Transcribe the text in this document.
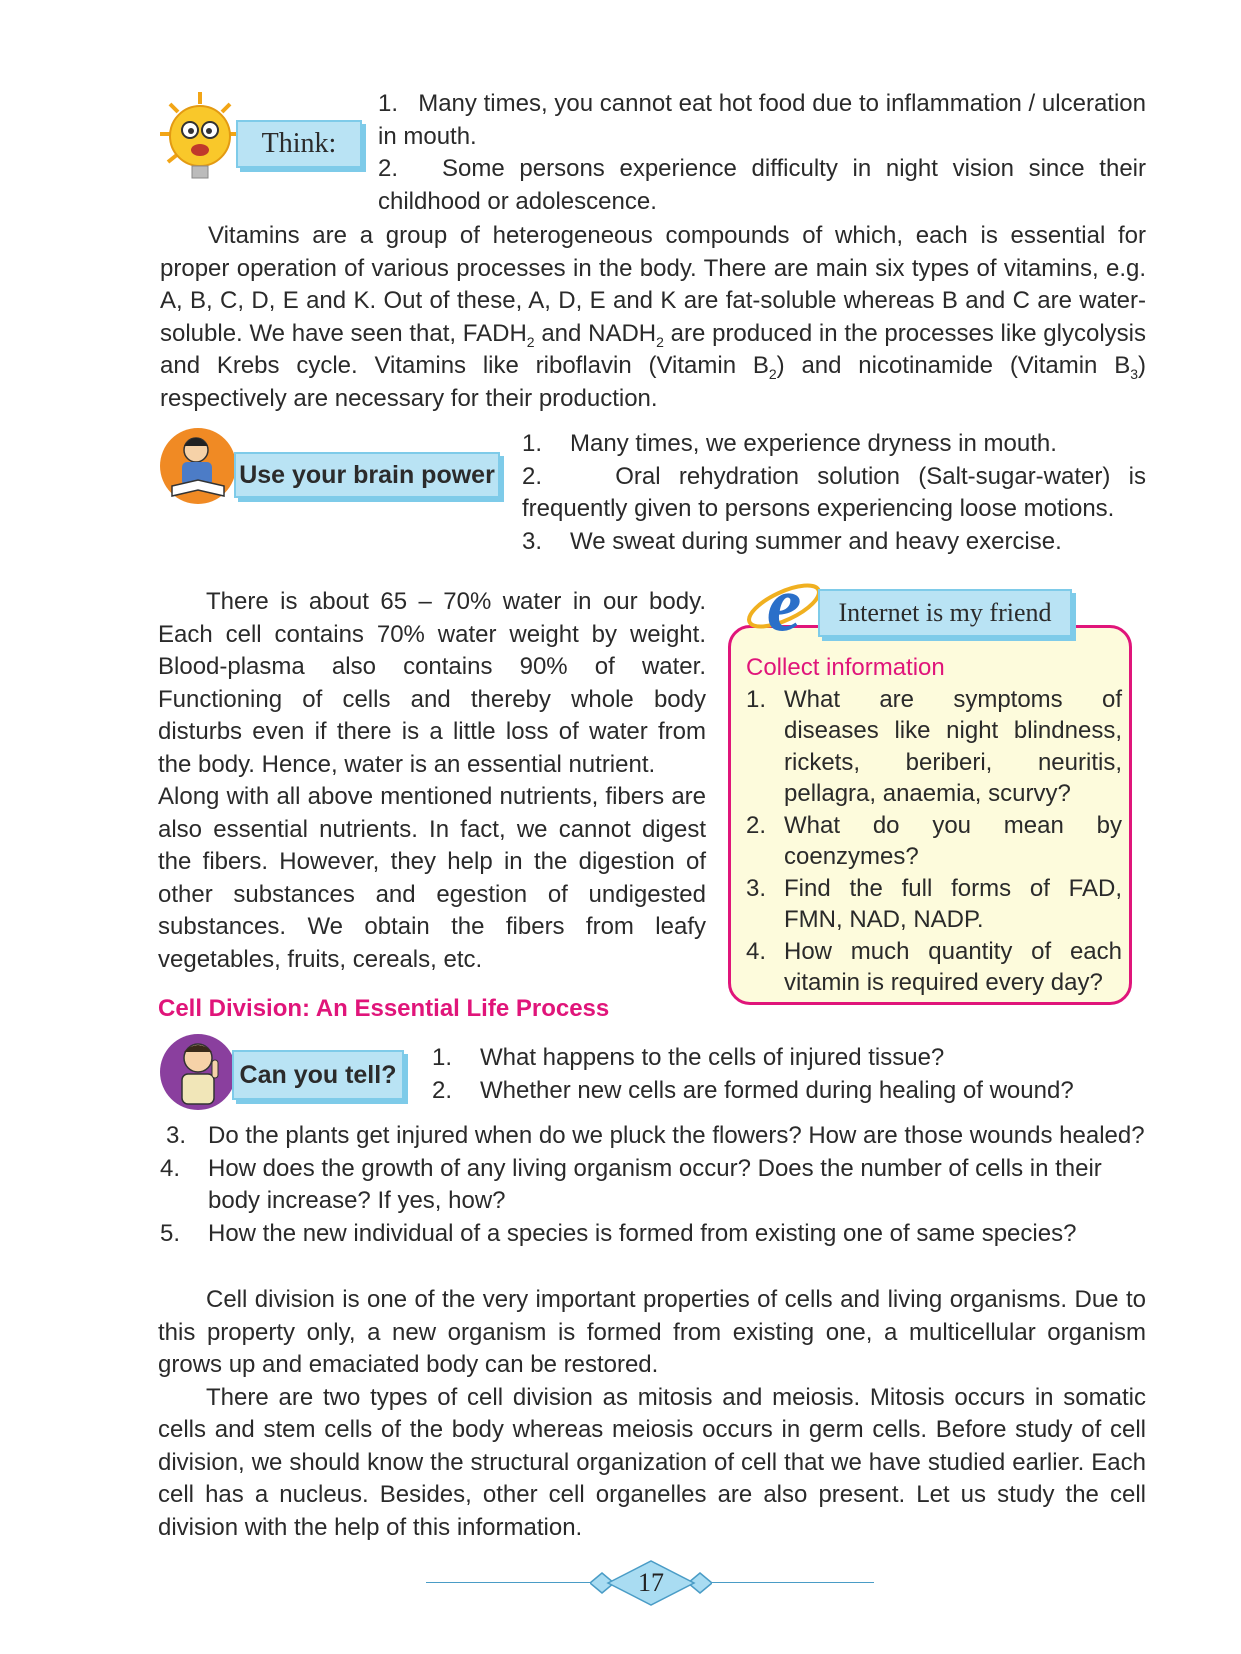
Think:

1. Many times, you cannot eat hot food due to inflammation / ulceration in mouth.

2. Some persons experience difficulty in night vision since their childhood or adolescence.

Vitamins are a group of heterogeneous compounds of which, each is essential for proper operation of various processes in the body. There are main six types of vitamins, e.g. A, B, C, D, E and K. Out of these, A, D, E and K are fat-soluble whereas B and C are water-soluble. We have seen that, $FADH_2$ and $NADH_2$ are produced in the processes like glycolysis and Krebs cycle. Vitamins like riboflavin (Vitamin $B_2$) and nicotinamide (Vitamin $B_3$) respectively are necessary for their production.

Use your brain power
1.	Many times, we experience dryness in mouth.

2.	Oral rehydration solution (Salt-sugar-water) is frequently given to persons experiencing loose motions.

3.	We sweat during summer and heavy exercise.

There is about 65 – 70% water in our body. Each cell contains 70% water weight by weight. Blood-plasma also contains 90% of water. Functioning of cells and thereby whole body disturbs even if there is a little loss of water from the body. Hence, water is an essential nutrient.

Along with all above mentioned nutrients, fibers are also essential nutrients. In fact, we cannot digest the fibers. However, they help in the digestion of other substances and egestion of undigested substances. We obtain the fibers from leafy vegetables, fruits, cereals, etc.

e	Internet is my friend

Collect information

1. What are symptoms of diseases like night blindness, rickets, beriberi, neuritis, pellagra, anaemia, scurvy?
2. What do you mean by coenzymes?
3. Find the full forms of FAD, FMN, NAD, NADP.
4. How much quantity of each vitamin is required every day?
Cell Division: An Essential Life Process
Can you tell?
1.	What happens to the cells of injured tissue?
2.	Whether new cells are formed during healing of wound?
3. Do the plants get injured when do we pluck the flowers? How are those wounds healed?
4.	How does the growth of any living organism occur? Does the number of cells in their body increase? If yes, how?
5.	How the new individual of a species is formed from existing one of same species?

Cell division is one of the very important properties of cells and living organisms. Due to this property only, a new organism is formed from existing one, a multicellular organism grows up and emaciated body can be restored.

There are two types of cell division as mitosis and meiosis. Mitosis occurs in somatic cells and stem cells of the body whereas meiosis occurs in germ cells. Before study of cell division, we should know the structural organization of cell that we have studied earlier. Each cell has a nucleus. Besides, other cell organelles are also present. Let us study the cell division with the help of this information.

17
